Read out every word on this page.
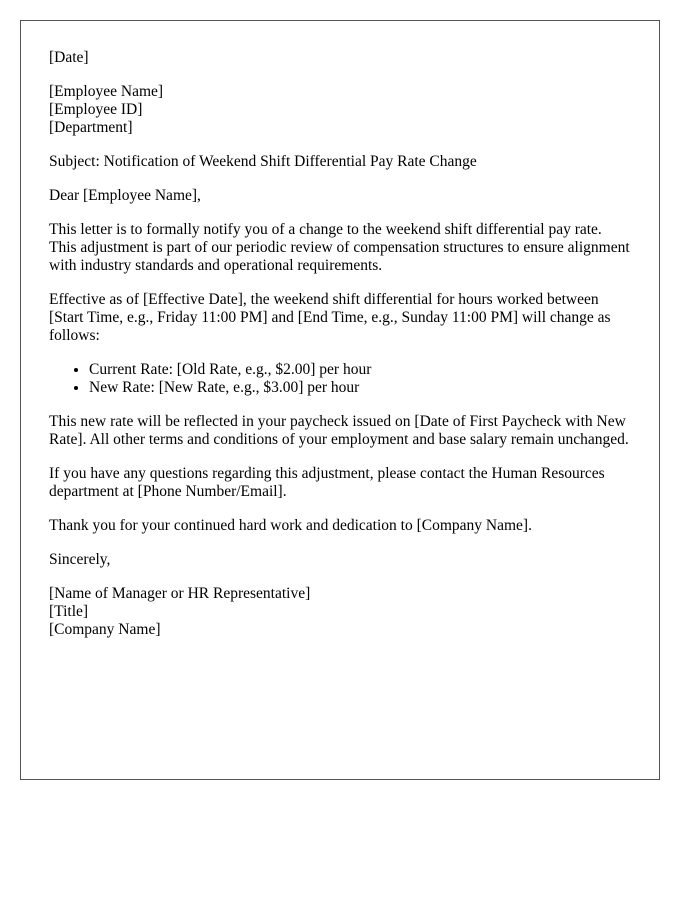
[Date]
[Employee Name]
[Employee ID]
[Department]
Subject: Notification of Weekend Shift Differential Pay Rate Change
Dear [Employee Name],
This letter is to formally notify you of a change to the weekend shift differential pay rate. This adjustment is part of our periodic review of compensation structures to ensure alignment with industry standards and operational requirements.
Effective as of [Effective Date], the weekend shift differential for hours worked between [Start Time, e.g., Friday 11:00 PM] and [End Time, e.g., Sunday 11:00 PM] will change as follows:
• Current Rate: [Old Rate, e.g., $2.00] per hour
• New Rate: [New Rate, e.g., $3.00] per hour
This new rate will be reflected in your paycheck issued on [Date of First Paycheck with New Rate]. All other terms and conditions of your employment and base salary remain unchanged.
If you have any questions regarding this adjustment, please contact the Human Resources department at [Phone Number/Email].
Thank you for your continued hard work and dedication to [Company Name].
Sincerely,
[Name of Manager or HR Representative]
[Title]
[Company Name]
